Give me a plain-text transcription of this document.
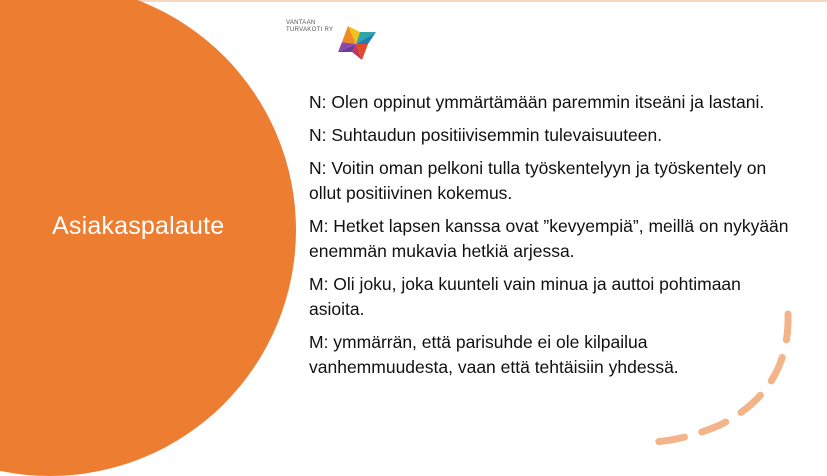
Asiakaspalaute
VANTAAN
TURVAKOTI RY

N: Olen oppinut ymmärtämään paremmin itseäni ja lastani.

N: Suhtaudun positiivisemmin tulevaisuuteen.

N: Voitin oman pelkoni tulla työskentelyyn ja työskentely on ollut positiivinen kokemus.

M: Hetket lapsen kanssa ovat ”kevyempiä”, meillä on nykyään enemmän mukavia hetkiä arjessa.

M: Oli joku, joka kuunteli vain minua ja auttoi pohtimaan asioita.

M: ymmärrän, että parisuhde ei ole kilpailua vanhemmuudesta, vaan että tehtäisiin yhdessä.
